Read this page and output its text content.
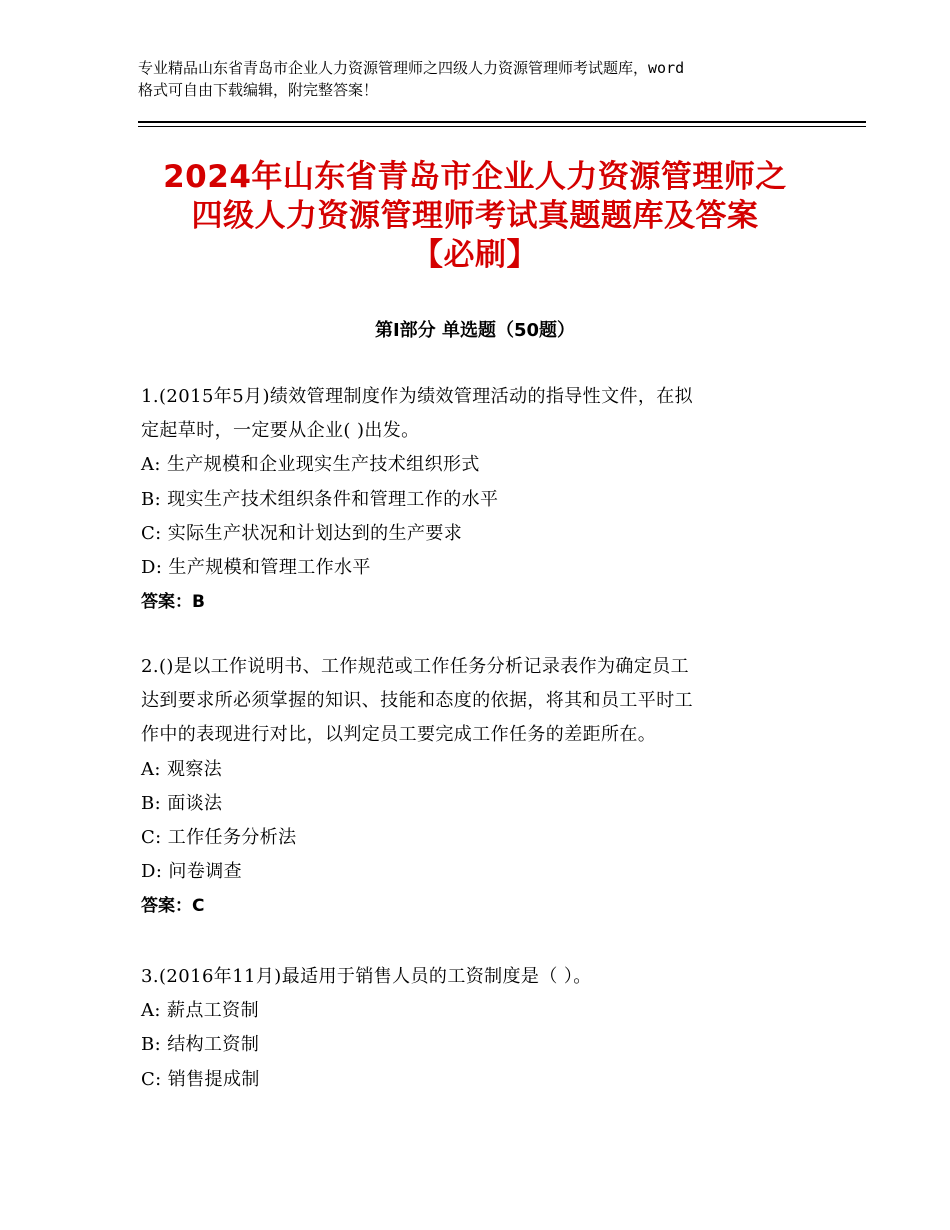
专业精品山东省青岛市企业人力资源管理师之四级人力资源管理师考试题库，word
格式可自由下载编辑，附完整答案！
2024年山东省青岛市企业人力资源管理师之
四级人力资源管理师考试真题题库及答案
【必刷】
第Ⅰ部分 单选题（50题）
1.(2015年5月)绩效管理制度作为绩效管理活动的指导性文件，在拟
定起草时，一定要从企业( )出发。
A: 生产规模和企业现实生产技术组织形式
B: 现实生产技术组织条件和管理工作的水平
C: 实际生产状况和计划达到的生产要求
D: 生产规模和管理工作水平
答案：B
2.()是以工作说明书、工作规范或工作任务分析记录表作为确定员工
达到要求所必须掌握的知识、技能和态度的依据，将其和员工平时工
作中的表现进行对比，以判定员工要完成工作任务的差距所在。
A: 观察法
B: 面谈法
C: 工作任务分析法
D: 问卷调查
答案：C
3.(2016年11月)最适用于销售人员的工资制度是（ ）。
A: 薪点工资制
B: 结构工资制
C: 销售提成制
